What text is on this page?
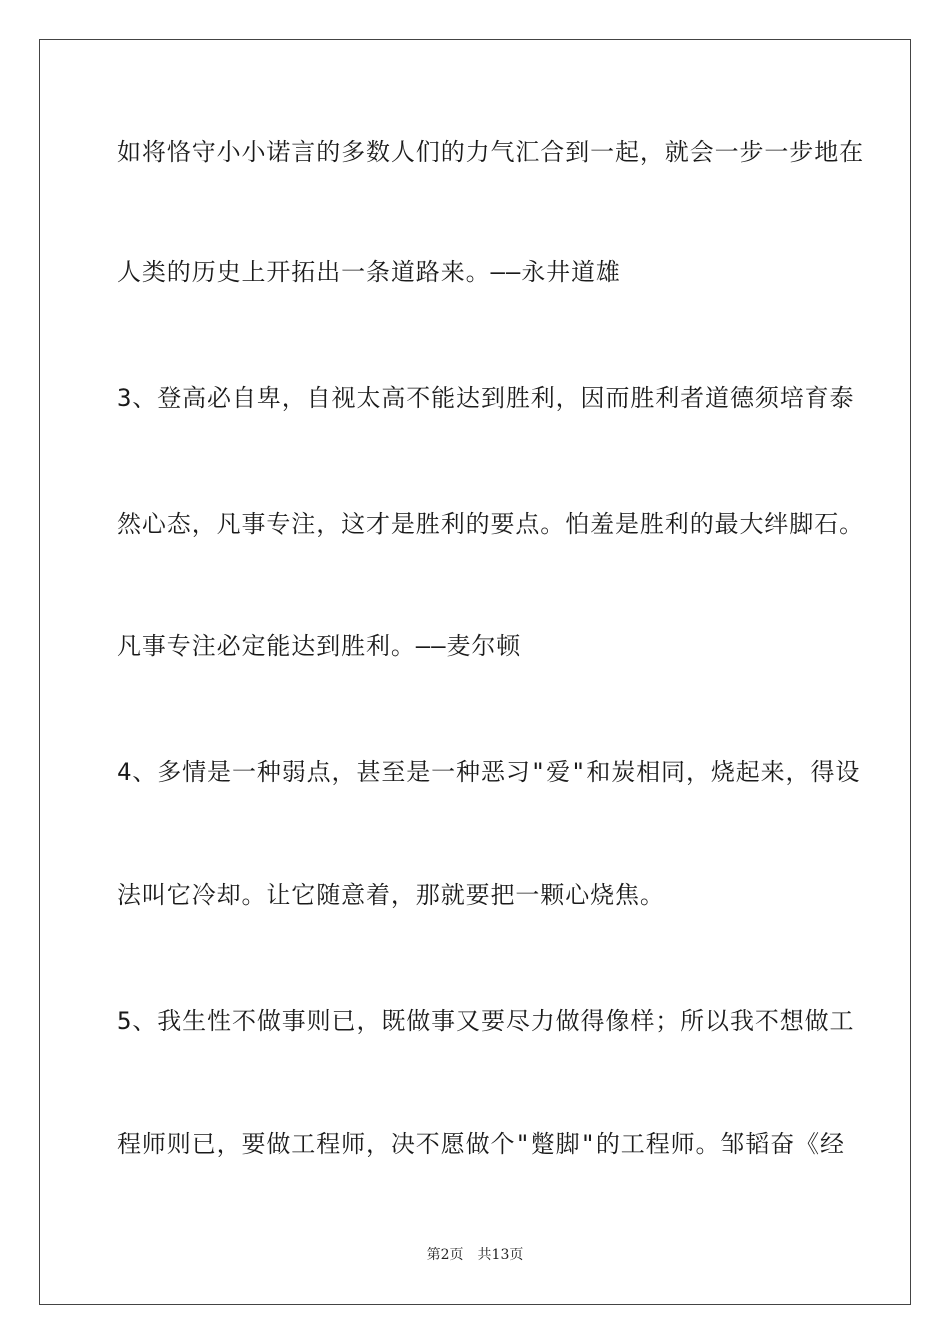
如将恪守小小诺言的多数人们的力气汇合到一起，就会一步一步地在
人类的历史上开拓出一条道路来。——永井道雄
3、登高必自卑，自视太高不能达到胜利，因而胜利者道德须培育泰
然心态，凡事专注，这才是胜利的要点。怕羞是胜利的最大绊脚石。
凡事专注必定能达到胜利。——麦尔顿
4、多情是一种弱点，甚至是一种恶习"爱"和炭相同，烧起来，得设
法叫它冷却。让它随意着，那就要把一颗心烧焦。
5、我生性不做事则已，既做事又要尽力做得像样；所以我不想做工
程师则已，要做工程师，决不愿做个"蹩脚"的工程师。邹韬奋《经
第2页 共13页
